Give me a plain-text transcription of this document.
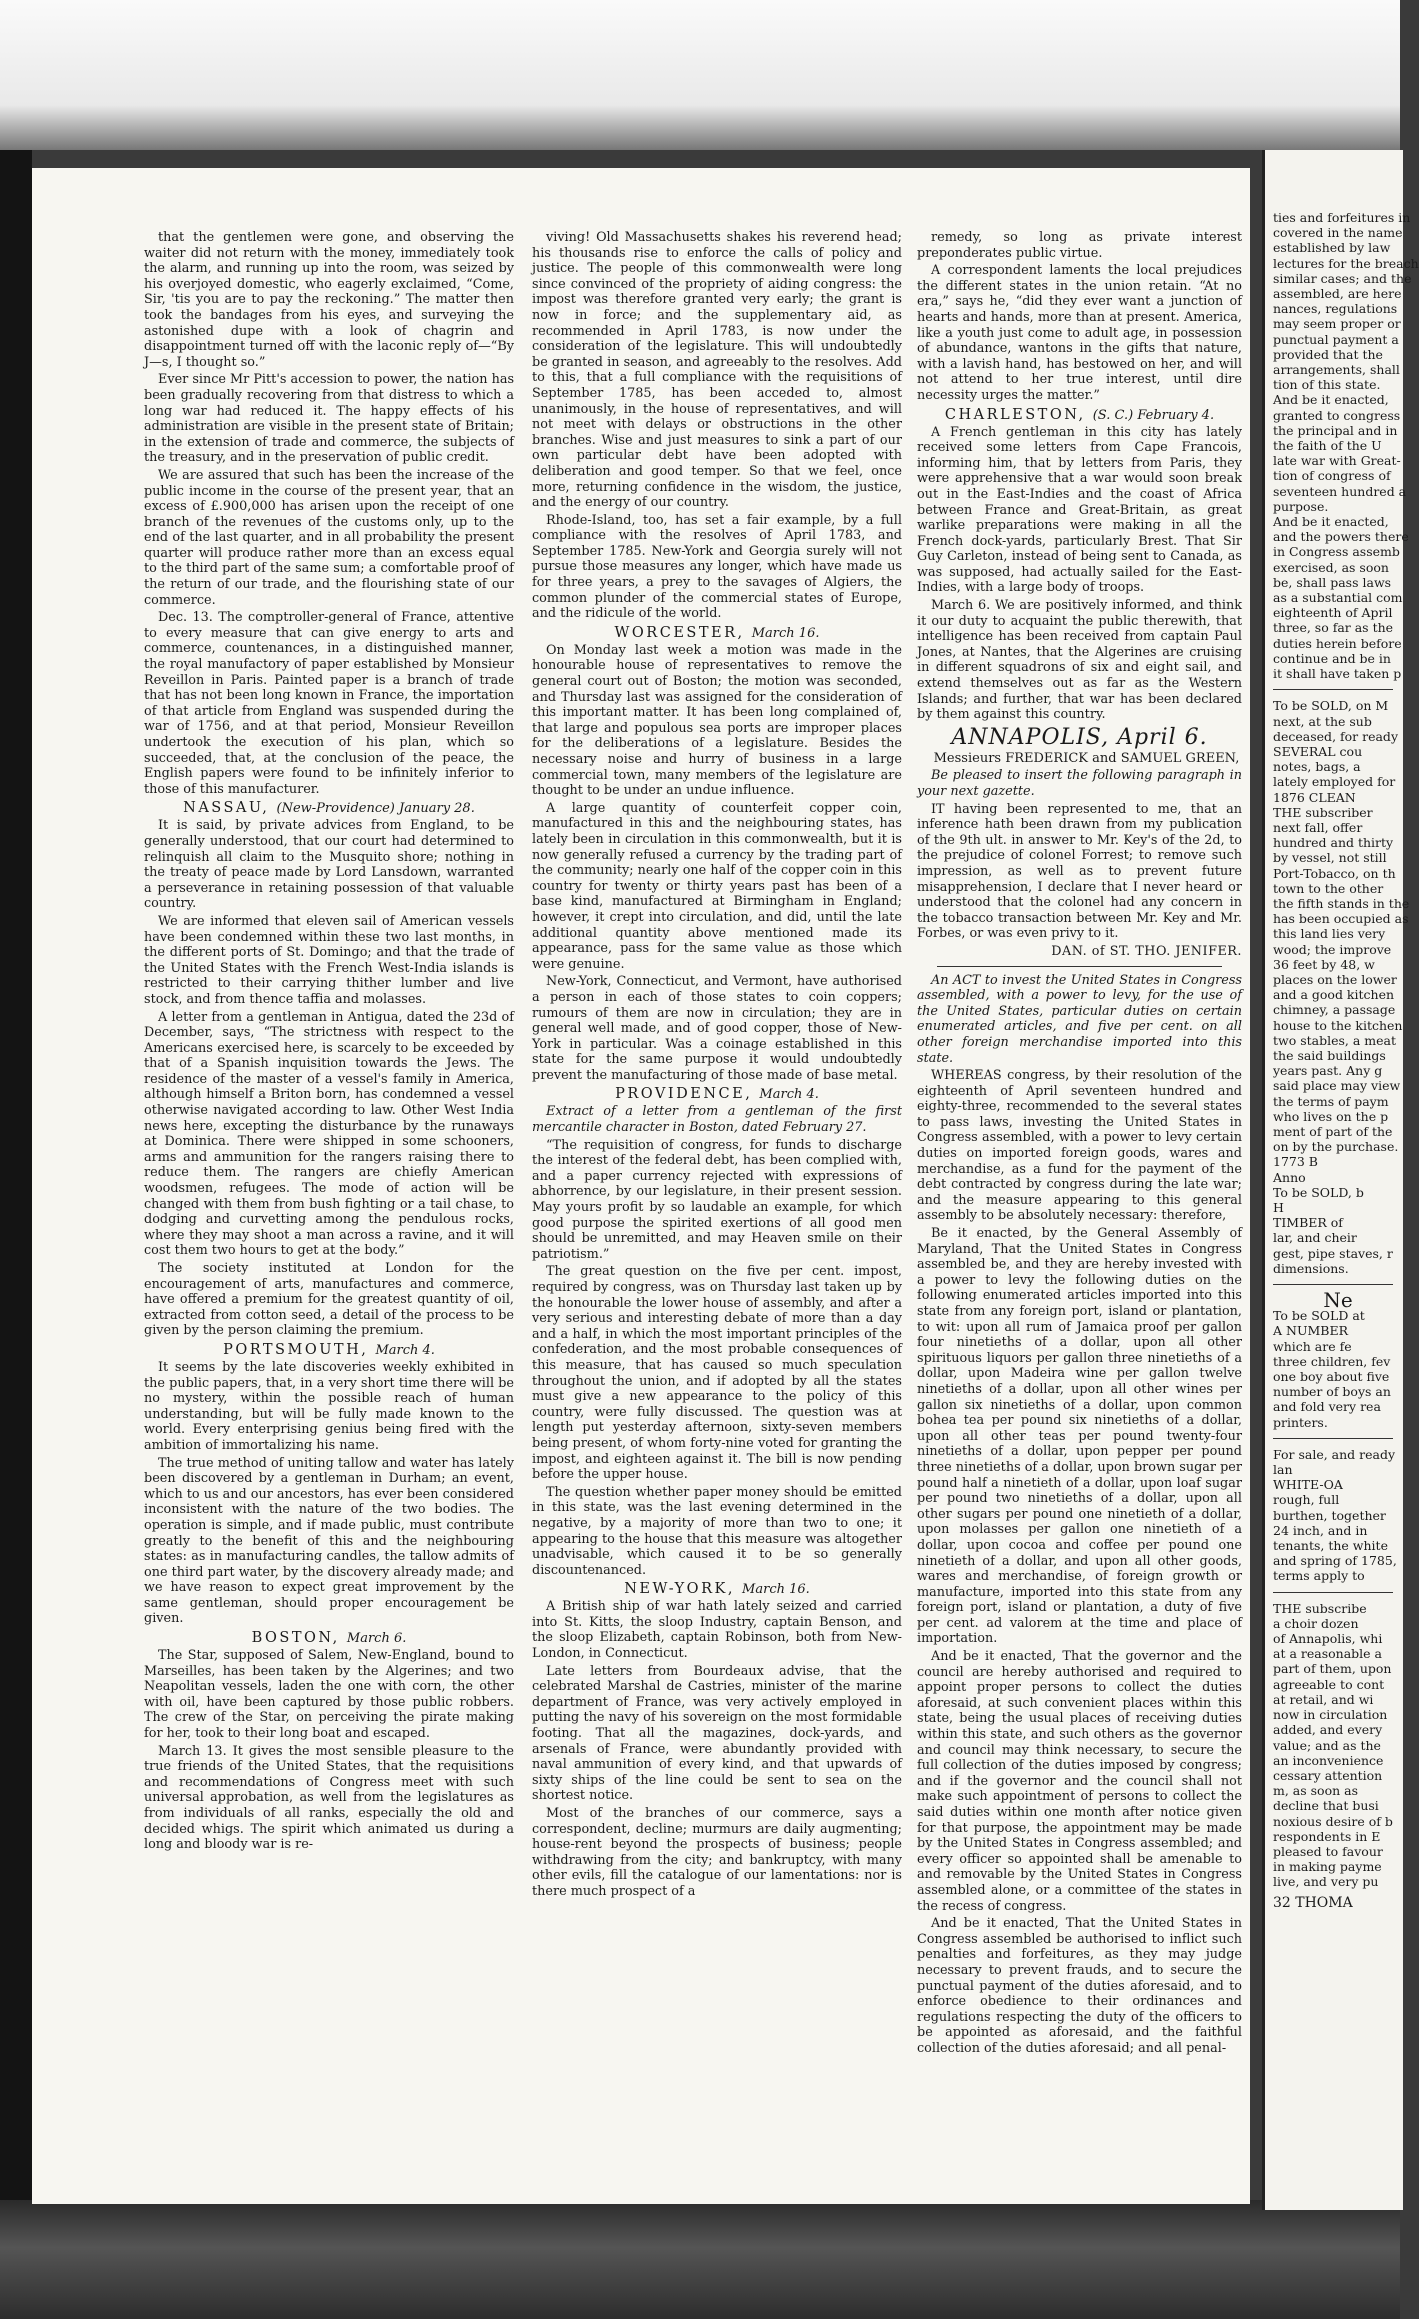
that the gentlemen were gone, and observing the waiter did not return with the money, immediately took the alarm, and running up into the room, was seized by his overjoyed domestic, who eagerly exclaimed, “Come, Sir, 'tis you are to pay the reckoning.” The matter then took the bandages from his eyes, and surveying the astonished dupe with a look of chagrin and disappointment turned off with the laconic reply of—“By J—s, I thought so.”

Ever since Mr Pitt's accession to power, the nation has been gradually recovering from that distress to which a long war had reduced it. The happy effects of his administration are visible in the present state of Britain; in the extension of trade and commerce, the subjects of the treasury, and in the preservation of public credit.

We are assured that such has been the increase of the public income in the course of the present year, that an excess of £.900,000 has arisen upon the receipt of one branch of the revenues of the customs only, up to the end of the last quarter, and in all probability the present quarter will produce rather more than an excess equal to the third part of the same sum; a comfortable proof of the return of our trade, and the flourishing state of our commerce.

Dec. 13. The comptroller-general of France, attentive to every measure that can give energy to arts and commerce, countenances, in a distinguished manner, the royal manufactory of paper established by Monsieur Reveillon in Paris. Painted paper is a branch of trade that has not been long known in France, the importation of that article from England was suspended during the war of 1756, and at that period, Monsieur Reveillon undertook the execution of his plan, which so succeeded, that, at the conclusion of the peace, the English papers were found to be infinitely inferior to those of this manufacturer.

NASSAU, (New-Providence) January 28.

It is said, by private advices from England, to be generally understood, that our court had determined to relinquish all claim to the Musquito shore; nothing in the treaty of peace made by Lord Lansdown, warranted a perseverance in retaining possession of that valuable country.

We are informed that eleven sail of American vessels have been condemned within these two last months, in the different ports of St. Domingo; and that the trade of the United States with the French West-India islands is restricted to their carrying thither lumber and live stock, and from thence taffia and molasses.

A letter from a gentleman in Antigua, dated the 23d of December, says, “The strictness with respect to the Americans exercised here, is scarcely to be exceeded by that of a Spanish inquisition towards the Jews. The residence of the master of a vessel's family in America, although himself a Briton born, has condemned a vessel otherwise navigated according to law. Other West India news here, excepting the disturbance by the runaways at Dominica. There were shipped in some schooners, arms and ammunition for the rangers raising there to reduce them. The rangers are chiefly American woodsmen, refugees. The mode of action will be changed with them from bush fighting or a tail chase, to dodging and curvetting among the pendulous rocks, where they may shoot a man across a ravine, and it will cost them two hours to get at the body.”

The society instituted at London for the encouragement of arts, manufactures and commerce, have offered a premium for the greatest quantity of oil, extracted from cotton seed, a detail of the process to be given by the person claiming the premium.

PORTSMOUTH, March 4.

It seems by the late discoveries weekly exhibited in the public papers, that, in a very short time there will be no mystery, within the possible reach of human understanding, but will be fully made known to the world. Every enterprising genius being fired with the ambition of immortalizing his name.

The true method of uniting tallow and water has lately been discovered by a gentleman in Durham; an event, which to us and our ancestors, has ever been considered inconsistent with the nature of the two bodies. The operation is simple, and if made public, must contribute greatly to the benefit of this and the neighbouring states: as in manufacturing candles, the tallow admits of one third part water, by the discovery already made; and we have reason to expect great improvement by the same gentleman, should proper encouragement be given.

BOSTON, March 6.

The Star, supposed of Salem, New-England, bound to Marseilles, has been taken by the Algerines; and two Neapolitan vessels, laden the one with corn, the other with oil, have been captured by those public robbers. The crew of the Star, on perceiving the pirate making for her, took to their long boat and escaped.

March 13. It gives the most sensible pleasure to the true friends of the United States, that the requisitions and recommendations of Congress meet with such universal approbation, as well from the legislatures as from individuals of all ranks, especially the old and decided whigs. The spirit which animated us during a long and bloody war is re-

viving! Old Massachusetts shakes his reverend head; his thousands rise to enforce the calls of policy and justice. The people of this commonwealth were long since convinced of the propriety of aiding congress: the impost was therefore granted very early; the grant is now in force; and the supplementary aid, as recommended in April 1783, is now under the consideration of the legislature. This will undoubtedly be granted in season, and agreeably to the resolves. Add to this, that a full compliance with the requisitions of September 1785, has been acceded to, almost unanimously, in the house of representatives, and will not meet with delays or obstructions in the other branches. Wise and just measures to sink a part of our own particular debt have been adopted with deliberation and good temper. So that we feel, once more, returning confidence in the wisdom, the justice, and the energy of our country.

Rhode-Island, too, has set a fair example, by a full compliance with the resolves of April 1783, and September 1785. New-York and Georgia surely will not pursue those measures any longer, which have made us for three years, a prey to the savages of Algiers, the common plunder of the commercial states of Europe, and the ridicule of the world.

WORCESTER, March 16.

On Monday last week a motion was made in the honourable house of representatives to remove the general court out of Boston; the motion was seconded, and Thursday last was assigned for the consideration of this important matter. It has been long complained of, that large and populous sea ports are improper places for the deliberations of a legislature. Besides the necessary noise and hurry of business in a large commercial town, many members of the legislature are thought to be under an undue influence.

A large quantity of counterfeit copper coin, manufactured in this and the neighbouring states, has lately been in circulation in this commonwealth, but it is now generally refused a currency by the trading part of the community; nearly one half of the copper coin in this country for twenty or thirty years past has been of a base kind, manufactured at Birmingham in England; however, it crept into circulation, and did, until the late additional quantity above mentioned made its appearance, pass for the same value as those which were genuine.

New-York, Connecticut, and Vermont, have authorised a person in each of those states to coin coppers; rumours of them are now in circulation; they are in general well made, and of good copper, those of New-York in particular. Was a coinage established in this state for the same purpose it would undoubtedly prevent the manufacturing of those made of base metal.

PROVIDENCE, March 4.

Extract of a letter from a gentleman of the first mercantile character in Boston, dated February 27.

“The requisition of congress, for funds to discharge the interest of the federal debt, has been complied with, and a paper currency rejected with expressions of abhorrence, by our legislature, in their present session. May yours profit by so laudable an example, for which good purpose the spirited exertions of all good men should be unremitted, and may Heaven smile on their patriotism.”

The great question on the five per cent. impost, required by congress, was on Thursday last taken up by the honourable the lower house of assembly, and after a very serious and interesting debate of more than a day and a half, in which the most important principles of the confederation, and the most probable consequences of this measure, that has caused so much speculation throughout the union, and if adopted by all the states must give a new appearance to the policy of this country, were fully discussed. The question was at length put yesterday afternoon, sixty-seven members being present, of whom forty-nine voted for granting the impost, and eighteen against it. The bill is now pending before the upper house.

The question whether paper money should be emitted in this state, was the last evening determined in the negative, by a majority of more than two to one; it appearing to the house that this measure was altogether unadvisable, which caused it to be so generally discountenanced.

NEW-YORK, March 16.

A British ship of war hath lately seized and carried into St. Kitts, the sloop Industry, captain Benson, and the sloop Elizabeth, captain Robinson, both from New-London, in Connecticut.

Late letters from Bourdeaux advise, that the celebrated Marshal de Castries, minister of the marine department of France, was very actively employed in putting the navy of his sovereign on the most formidable footing. That all the magazines, dock-yards, and arsenals of France, were abundantly provided with naval ammunition of every kind, and that upwards of sixty ships of the line could be sent to sea on the shortest notice.

Most of the branches of our commerce, says a correspondent, decline; murmurs are daily augmenting; house-rent beyond the prospects of business; people withdrawing from the city; and bankruptcy, with many other evils, fill the catalogue of our lamentations: nor is there much prospect of a

remedy, so long as private interest preponderates public virtue.

A correspondent laments the local prejudices the different states in the union retain. “At no era,” says he, “did they ever want a junction of hearts and hands, more than at present. America, like a youth just come to adult age, in possession of abundance, wantons in the gifts that nature, with a lavish hand, has bestowed on her, and will not attend to her true interest, until dire necessity urges the matter.”

CHARLESTON, (S. C.) February 4.

A French gentleman in this city has lately received some letters from Cape Francois, informing him, that by letters from Paris, they were apprehensive that a war would soon break out in the East-Indies and the coast of Africa between France and Great-Britain, as great warlike preparations were making in all the French dock-yards, particularly Brest. That Sir Guy Carleton, instead of being sent to Canada, as was supposed, had actually sailed for the East-Indies, with a large body of troops.

March 6. We are positively informed, and think it our duty to acquaint the public therewith, that intelligence has been received from captain Paul Jones, at Nantes, that the Algerines are cruising in different squadrons of six and eight sail, and extend themselves out as far as the Western Islands; and further, that war has been declared by them against this country.

ANNAPOLIS, April 6.

Messieurs FREDERICK and SAMUEL GREEN,

Be pleased to insert the following paragraph in your next gazette.

IT having been represented to me, that an inference hath been drawn from my publication of the 9th ult. in answer to Mr. Key's of the 2d, to the prejudice of colonel Forrest; to remove such impression, as well as to prevent future misapprehension, I declare that I never heard or understood that the colonel had any concern in the tobacco transaction between Mr. Key and Mr. Forbes, or was even privy to it.

DAN. of ST. THO. JENIFER.

An ACT to invest the United States in Congress assembled, with a power to levy, for the use of the United States, particular duties on certain enumerated articles, and five per cent. on all other foreign merchandise imported into this state.

WHEREAS congress, by their resolution of the eighteenth of April seventeen hundred and eighty-three, recommended to the several states to pass laws, investing the United States in Congress assembled, with a power to levy certain duties on imported foreign goods, wares and merchandise, as a fund for the payment of the debt contracted by congress during the late war; and the measure appearing to this general assembly to be absolutely necessary: therefore,

Be it enacted, by the General Assembly of Maryland, That the United States in Congress assembled be, and they are hereby invested with a power to levy the following duties on the following enumerated articles imported into this state from any foreign port, island or plantation, to wit: upon all rum of Jamaica proof per gallon four ninetieths of a dollar, upon all other spirituous liquors per gallon three ninetieths of a dollar, upon Madeira wine per gallon twelve ninetieths of a dollar, upon all other wines per gallon six ninetieths of a dollar, upon common bohea tea per pound six ninetieths of a dollar, upon all other teas per pound twenty-four ninetieths of a dollar, upon pepper per pound three ninetieths of a dollar, upon brown sugar per pound half a ninetieth of a dollar, upon loaf sugar per pound two ninetieths of a dollar, upon all other sugars per pound one ninetieth of a dollar, upon molasses per gallon one ninetieth of a dollar, upon cocoa and coffee per pound one ninetieth of a dollar, and upon all other goods, wares and merchandise, of foreign growth or manufacture, imported into this state from any foreign port, island or plantation, a duty of five per cent. ad valorem at the time and place of importation.

And be it enacted, That the governor and the council are hereby authorised and required to appoint proper persons to collect the duties aforesaid, at such convenient places within this state, being the usual places of receiving duties within this state, and such others as the governor and council may think necessary, to secure the full collection of the duties imposed by congress; and if the governor and the council shall not make such appointment of persons to collect the said duties within one month after notice given for that purpose, the appointment may be made by the United States in Congress assembled; and every officer so appointed shall be amenable to and removable by the United States in Congress assembled alone, or a committee of the states in the recess of congress.

And be it enacted, That the United States in Congress assembled be authorised to inflict such penalties and forfeitures, as they may judge necessary to prevent frauds, and to secure the punctual payment of the duties aforesaid, and to enforce obedience to their ordinances and regulations respecting the duty of the officers to be appointed as aforesaid, and the faithful collection of the duties aforesaid; and all penal-

ties and forfeitures in

covered in the name

established by law

lectures for the breach

similar cases; and the

assembled, are here

nances, regulations

may seem proper or

punctual payment a

provided that the

arrangements, shall

tion of this state.

And be it enacted,

granted to congress

the principal and in

the faith of the U

late war with Great-

tion of congress of

seventeen hundred a

purpose.

And be it enacted,

and the powers there

in Congress assemb

exercised, as soon

be, shall pass laws

as a substantial com

eighteenth of April

three, so far as the

duties herein before

continue and be in

it shall have taken p

To be SOLD, on M

next, at the sub

deceased, for ready

SEVERAL cou

notes, bags, a

lately employed for

1876 CLEAN

THE subscriber

next fall, offer

hundred and thirty

by vessel, not still

Port-Tobacco, on th

town to the other

the fifth stands in the

has been occupied as

this land lies very

wood; the improve

36 feet by 48, w

places on the lower

and a good kitchen

chimney, a passage

house to the kitchen

two stables, a meat

the said buildings

years past. Any g

said place may view

the terms of paym

who lives on the p

ment of part of the

on by the purchase.

1773 B

Anno

To be SOLD, b

H

TIMBER of

lar, and cheir

gest, pipe staves, r

dimensions.

Ne

To be SOLD at

A NUMBER

which are fe

three children, fev

one boy about five

number of boys an

and fold very rea

printers.

For sale, and ready

lan

WHITE-OA

rough, full

burthen, together

24 inch, and in

tenants, the white

and spring of 1785,

terms apply to

THE subscribe

a choir dozen

of Annapolis, whi

at a reasonable a

part of them, upon

agreeable to cont

at retail, and wi

now in circulation

added, and every

value; and as the

an inconvenience

cessary attention

m, as soon as

decline that busi

noxious desire of b

respondents in E

pleased to favour

in making payme

live, and very pu

32 THOMA
